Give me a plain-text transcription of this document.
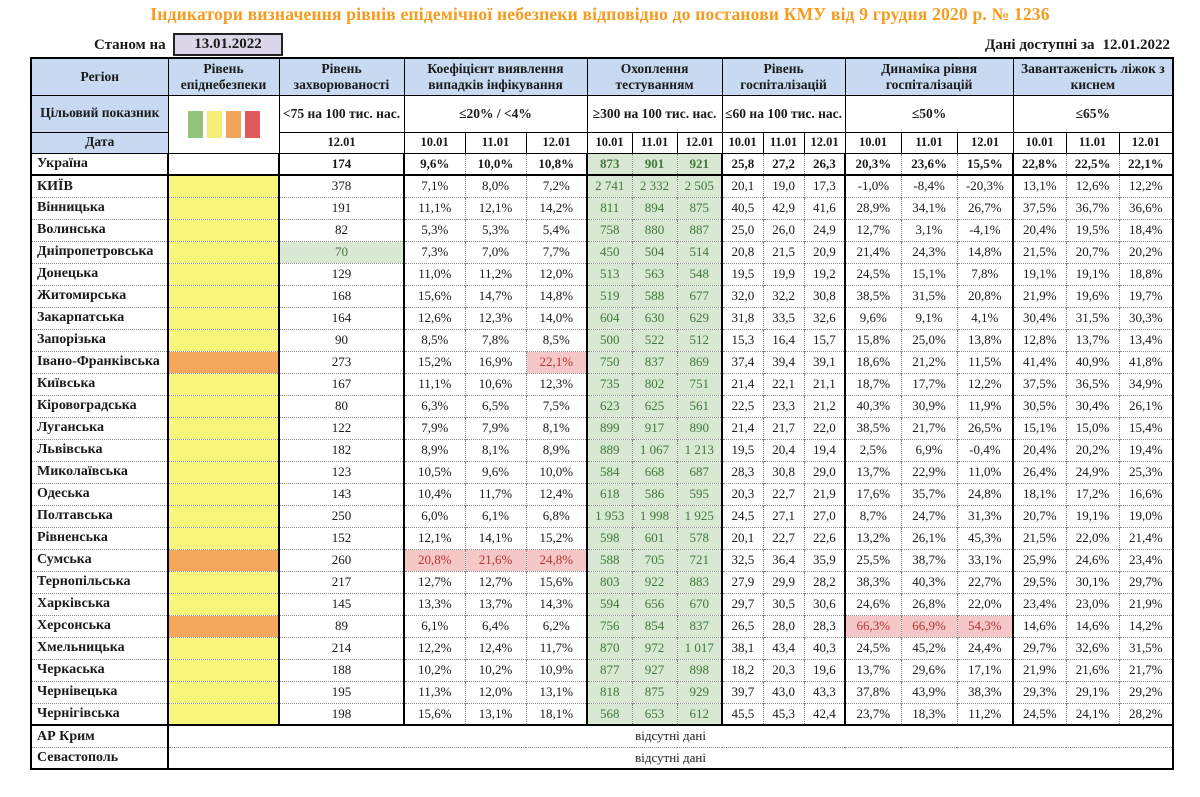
Індикатори визначення рівнів епідемічної небезпеки відповідно до постанови КМУ від 9 грудня 2020 р. № 1236
Станом на	13.01.2022	Дані доступні за 12.01.2022
Регіон	Рівень епіднебезпеки	Рівень захворюваності	Коефіцієнт виявлення випадків інфікування			Охоплення тестуванням			Рівень госпіталізацій			Динаміка рівня госпіталізацій			Завантаженість ліжок з киснем		
Цільовий показник		<75 на 100 тис. нас.	≤20% / <4%			≥300 на 100 тис. нас.			≤60 на 100 тис. нас.			≤50%			≤65%		
Дата		12.01	10.01	11.01	12.01	10.01	11.01	12.01	10.01	11.01	12.01	10.01	11.01	12.01	10.01	11.01	12.01
Україна		174	9,6%	10,0%	10,8%	873	901	921	25,8	27,2	26,3	20,3%	23,6%	15,5%	22,8%	22,5%	22,1%
КИЇВ		378	7,1%	8,0%	7,2%	2 741	2 332	2 505	20,1	19,0	17,3	-1,0%	-8,4%	-20,3%	13,1%	12,6%	12,2%
Вінницька		191	11,1%	12,1%	14,2%	811	894	875	40,5	42,9	41,6	28,9%	34,1%	26,7%	37,5%	36,7%	36,6%
Волинська		82	5,3%	5,3%	5,4%	758	880	887	25,0	26,0	24,9	12,7%	3,1%	-4,1%	20,4%	19,5%	18,4%
Дніпропетровська		70	7,3%	7,0%	7,7%	450	504	514	20,8	21,5	20,9	21,4%	24,3%	14,8%	21,5%	20,7%	20,2%
Донецька		129	11,0%	11,2%	12,0%	513	563	548	19,5	19,9	19,2	24,5%	15,1%	7,8%	19,1%	19,1%	18,8%
Житомирська		168	15,6%	14,7%	14,8%	519	588	677	32,0	32,2	30,8	38,5%	31,5%	20,8%	21,9%	19,6%	19,7%
Закарпатська		164	12,6%	12,3%	14,0%	604	630	629	31,8	33,5	32,6	9,6%	9,1%	4,1%	30,4%	31,5%	30,3%
Запорізька		90	8,5%	7,8%	8,5%	500	522	512	15,3	16,4	15,7	15,8%	25,0%	13,8%	12,8%	13,7%	13,4%
Івано-Франківська		273	15,2%	16,9%	22,1%	750	837	869	37,4	39,4	39,1	18,6%	21,2%	11,5%	41,4%	40,9%	41,8%
Київська		167	11,1%	10,6%	12,3%	735	802	751	21,4	22,1	21,1	18,7%	17,7%	12,2%	37,5%	36,5%	34,9%
Кіровоградська		80	6,3%	6,5%	7,5%	623	625	561	22,5	23,3	21,2	40,3%	30,9%	11,9%	30,5%	30,4%	26,1%
Луганська		122	7,9%	7,9%	8,1%	899	917	890	21,4	21,7	22,0	38,5%	21,7%	26,5%	15,1%	15,0%	15,4%
Львівська		182	8,9%	8,1%	8,9%	889	1 067	1 213	19,5	20,4	19,4	2,5%	6,9%	-0,4%	20,4%	20,2%	19,4%
Миколаївська		123	10,5%	9,6%	10,0%	584	668	687	28,3	30,8	29,0	13,7%	22,9%	11,0%	26,4%	24,9%	25,3%
Одеська		143	10,4%	11,7%	12,4%	618	586	595	20,3	22,7	21,9	17,6%	35,7%	24,8%	18,1%	17,2%	16,6%
Полтавська		250	6,0%	6,1%	6,8%	1 953	1 998	1 925	24,5	27,1	27,0	8,7%	24,7%	31,3%	20,7%	19,1%	19,0%
Рівненська		152	12,1%	14,1%	15,2%	598	601	578	20,1	22,7	22,6	13,2%	26,1%	45,3%	21,5%	22,0%	21,4%
Сумська		260	20,8%	21,6%	24,8%	588	705	721	32,5	36,4	35,9	25,5%	38,7%	33,1%	25,9%	24,6%	23,4%
Тернопільська		217	12,7%	12,7%	15,6%	803	922	883	27,9	29,9	28,2	38,3%	40,3%	22,7%	29,5%	30,1%	29,7%
Харківська		145	13,3%	13,7%	14,3%	594	656	670	29,7	30,5	30,6	24,6%	26,8%	22,0%	23,4%	23,0%	21,9%
Херсонська		89	6,1%	6,4%	6,2%	756	854	837	26,5	28,0	28,3	66,3%	66,9%	54,3%	14,6%	14,6%	14,2%
Хмельницька		214	12,2%	12,4%	11,7%	870	972	1 017	38,1	43,4	40,3	24,5%	45,2%	24,4%	29,7%	32,6%	31,5%
Черкаська		188	10,2%	10,2%	10,9%	877	927	898	18,2	20,3	19,6	13,7%	29,6%	17,1%	21,9%	21,6%	21,7%
Чернівецька		195	11,3%	12,0%	13,1%	818	875	929	39,7	43,0	43,3	37,8%	43,9%	38,3%	29,3%	29,1%	29,2%
Чернігівська		198	15,6%	13,1%	18,1%	568	653	612	45,5	45,3	42,4	23,7%	18,3%	11,2%	24,5%	24,1%	28,2%
АР Крим	відсутні дані																
Севастополь	відсутні дані																
